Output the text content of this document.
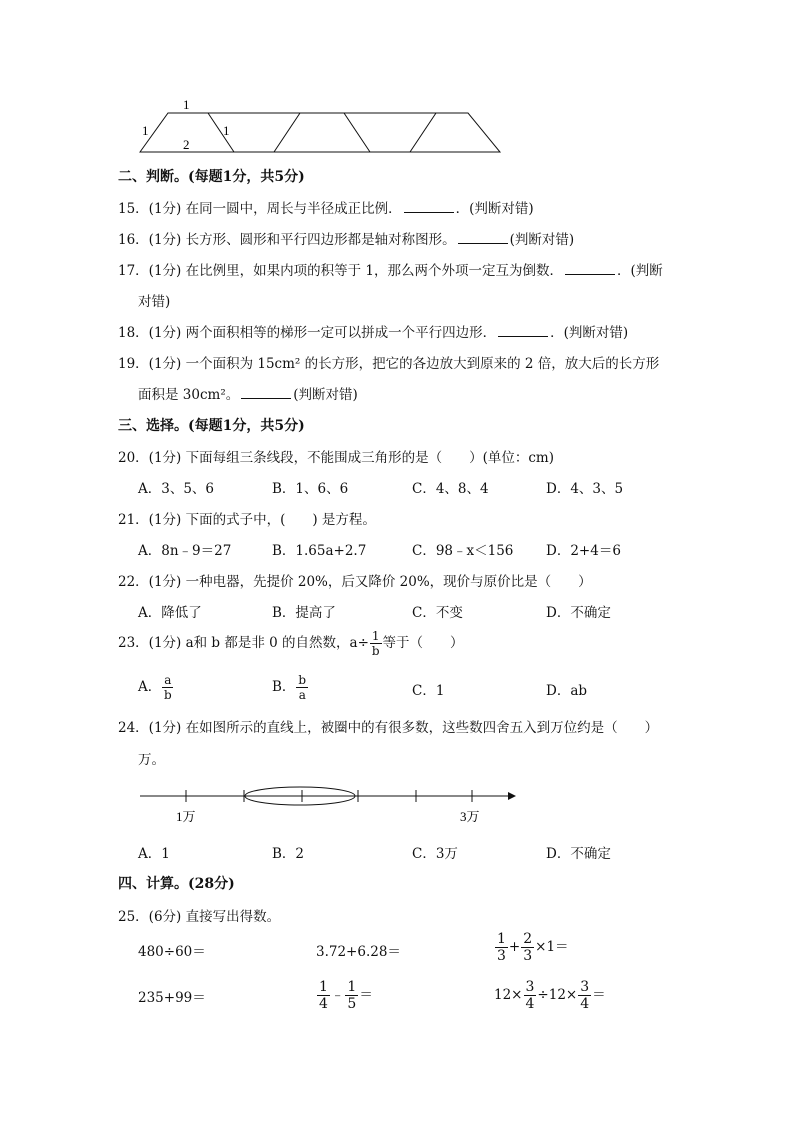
1
1	1
2
二、判断。(每题1分，共5分)
15．(1分) 在同一圆中，周长与半径成正比例．	．(判断对错)
16．(1分) 长方形、圆形和平行四边形都是轴对称图形。	(判断对错)
17．(1分) 在比例里，如果内项的积等于 1，那么两个外项一定互为倒数．	．(判断
对错)
18．(1分) 两个面积相等的梯形一定可以拼成一个平行四边形．	．(判断对错)
19．(1分) 一个面积为 15cm² 的长方形，把它的各边放大到原来的 2 倍，放大后的长方形
面积是 30cm²。	(判断对错)
三、选择。(每题1分，共5分)
20．(1分) 下面每组三条线段，不能围成三角形的是（　　）(单位：cm)
A．3、5、6	B．1、6、6	C．4、8、4	D．4、3、5
21．(1分) 下面的式子中，(　　) 是方程。
A．8n﹣9＝27	B．1.65a+2.7	C．98﹣x＜156 D．2+4＝6
22．(1分) 一种电器，先提价 20%，后又降价 20%，现价与原价比是（　　）
A．降低了	B．提高了	C．不变	D．不确定
23．(1分) a和 b 都是非 0 的自然数，$a\div \frac{1}{b}$ 等于（　　）
A． $\frac{a}{b}$	B． $\frac{b}{a}$	C．1	D．ab
24．(1分) 在如图所示的直线上，被圈中的有很多数，这些数四舍五入到万位约是（　　）
万。
1万	3万
A．1	B．2	C．3万	D．不确定
四、计算。(28分)
25．(6分) 直接写出得数。
480÷60＝	3.72+6.28＝	$\frac{1}{3} + \frac{2}{3} \times 1=$
235+99＝	$\frac{1}{4}$ ﹣ $\frac{1}{5}$ ＝	$12\times \frac{3}{4} \div 12\times \frac{3}{4}$ ＝
